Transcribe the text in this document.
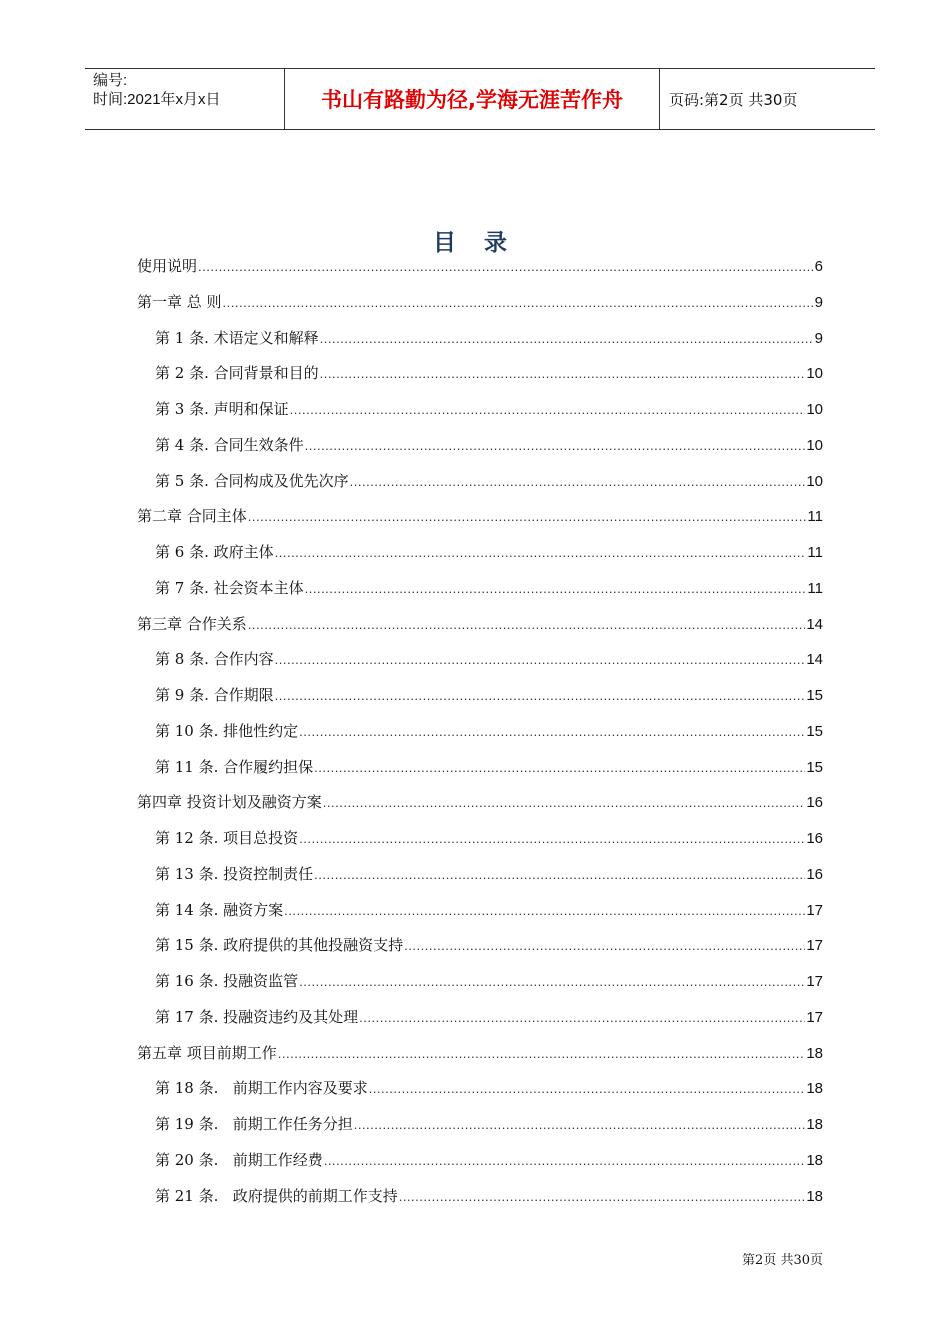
编号:
时间:2021年x月x日	书山有路勤为径,学海无涯苦作舟	页码:第2页 共30页
目 录
使用说明 .....	6
第一章 总 则 .....	9
第 1 条. 术语定义和解释 .....	9
第 2 条. 合同背景和目的 .....	10
第 3 条. 声明和保证 .....	10
第 4 条. 合同生效条件 .....	10
第 5 条. 合同构成及优先次序 .....	10
第二章 合同主体 .....	11
第 6 条. 政府主体 .....	11
第 7 条. 社会资本主体 .....	11
第三章 合作关系 .....	14
第 8 条. 合作内容 .....	14
第 9 条. 合作期限 .....	15
第 10 条. 排他性约定 .....	15
第 11 条. 合作履约担保 .....	15
第四章 投资计划及融资方案 .....	16
第 12 条. 项目总投资 .....	16
第 13 条. 投资控制责任 .....	16
第 14 条. 融资方案 .....	17
第 15 条. 政府提供的其他投融资支持 .....	17
第 16 条. 投融资监管 .....	17
第 17 条. 投融资违约及其处理 .....	17
第五章 项目前期工作 .....	18
第 18 条.   前期工作内容及要求 .....	18
第 19 条.   前期工作任务分担 .....	18
第 20 条.   前期工作经费 .....	18
第 21 条.   政府提供的前期工作支持 .....	18
第2页 共30页
